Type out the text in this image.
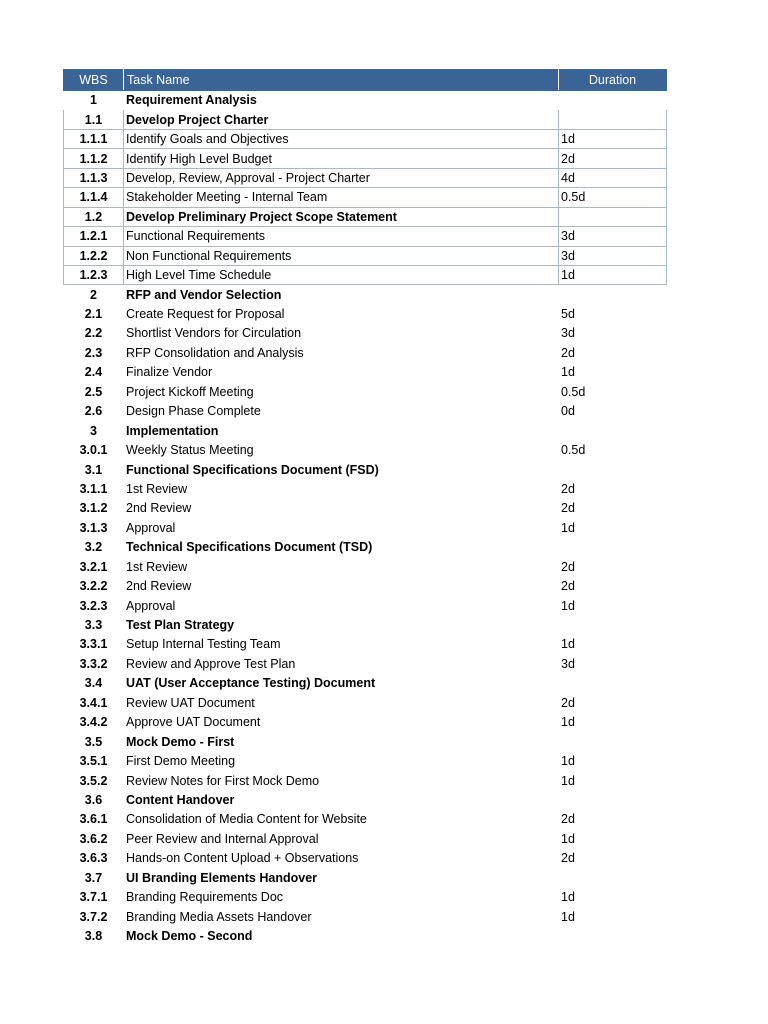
WBS	Task Name	Duration
1	Requirement Analysis	
1.1	Develop Project Charter	
1.1.1	Identify Goals and Objectives	1d
1.1.2	Identify High Level Budget	2d
1.1.3	Develop, Review, Approval - Project Charter	4d
1.1.4	Stakeholder Meeting - Internal Team	0.5d
1.2	Develop Preliminary Project Scope Statement	
1.2.1	Functional Requirements	3d
1.2.2	Non Functional Requirements	3d
1.2.3	High Level Time Schedule	1d
2	RFP and Vendor Selection	
2.1	Create Request for Proposal	5d
2.2	Shortlist Vendors for Circulation	3d
2.3	RFP Consolidation and Analysis	2d
2.4	Finalize Vendor	1d
2.5	Project Kickoff Meeting	0.5d
2.6	Design Phase Complete	0d
3	Implementation	
3.0.1	Weekly Status Meeting	0.5d
3.1	Functional Specifications Document (FSD)	
3.1.1	1st Review	2d
3.1.2	2nd Review	2d
3.1.3	Approval	1d
3.2	Technical Specifications Document (TSD)	
3.2.1	1st Review	2d
3.2.2	2nd Review	2d
3.2.3	Approval	1d
3.3	Test Plan Strategy	
3.3.1	Setup Internal Testing Team	1d
3.3.2	Review and Approve Test Plan	3d
3.4	UAT (User Acceptance Testing) Document	
3.4.1	Review UAT Document	2d
3.4.2	Approve UAT Document	1d
3.5	Mock Demo - First	
3.5.1	First Demo Meeting	1d
3.5.2	Review Notes for First Mock Demo	1d
3.6	Content Handover	
3.6.1	Consolidation of Media Content for Website	2d
3.6.2	Peer Review and Internal Approval	1d
3.6.3	Hands-on Content Upload + Observations	2d
3.7	UI Branding Elements Handover	
3.7.1	Branding Requirements Doc	1d
3.7.2	Branding Media Assets Handover	1d
3.8	Mock Demo - Second	
